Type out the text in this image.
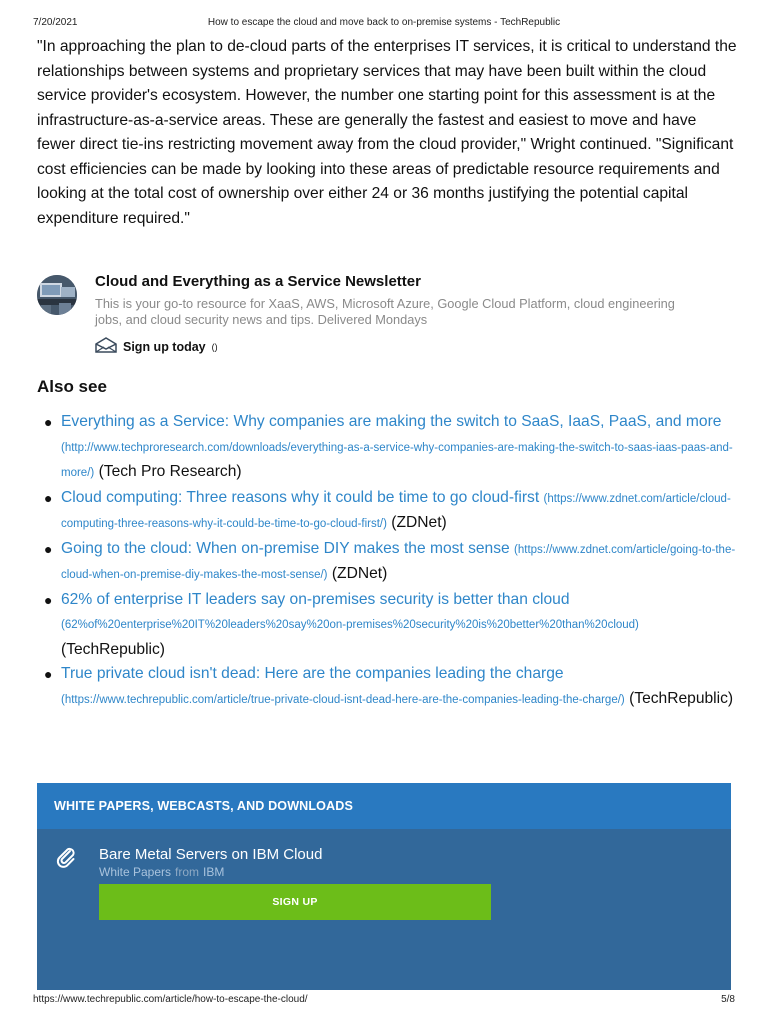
7/20/2021	How to escape the cloud and move back to on-premise systems - TechRepublic

"In approaching the plan to de-cloud parts of the enterprises IT services, it is critical to understand the relationships between systems and proprietary services that may have been built within the cloud service provider's ecosystem. However, the number one starting point for this assessment is at the infrastructure-as-a-service areas. These are generally the fastest and easiest to move and have fewer direct tie-ins restricting movement away from the cloud provider," Wright continued. "Significant cost efficiencies can be made by looking into these areas of predictable resource requirements and looking at the total cost of ownership over either 24 or 36 months justifying the potential capital expenditure required."

Cloud and Everything as a Service Newsletter
This is your go-to resource for XaaS, AWS, Microsoft Azure, Google Cloud Platform, cloud engineering jobs, and cloud security news and tips. Delivered Mondays
Sign up today ()
Also see
● Everything as a Service: Why companies are making the switch to SaaS, IaaS, PaaS, and more (http://www.techproresearch.com/downloads/everything-as-a-service-why-companies-are-making-the-switch-to-saas-iaas-paas-and-more/) (Tech Pro Research)
● Cloud computing: Three reasons why it could be time to go cloud-first (https://www.zdnet.com/article/cloud-computing-three-reasons-why-it-could-be-time-to-go-cloud-first/) (ZDNet)
● Going to the cloud: When on-premise DIY makes the most sense (https://www.zdnet.com/article/going-to-the-cloud-when-on-premise-diy-makes-the-most-sense/) (ZDNet)
● 62% of enterprise IT leaders say on-premises security is better than cloud (62%of%20enterprise%20IT%20leaders%20say%20on-premises%20security%20is%20better%20than%20cloud) (TechRepublic)
● True private cloud isn't dead: Here are the companies leading the charge (https://www.techrepublic.com/article/true-private-cloud-isnt-dead-here-are-the-companies-leading-the-charge/) (TechRepublic)
WHITE PAPERS, WEBCASTS, AND DOWNLOADS
Bare Metal Servers on IBM Cloud
White Papers from IBM
SIGN UP
https://www.techrepublic.com/article/how-to-escape-the-cloud/	5/8
